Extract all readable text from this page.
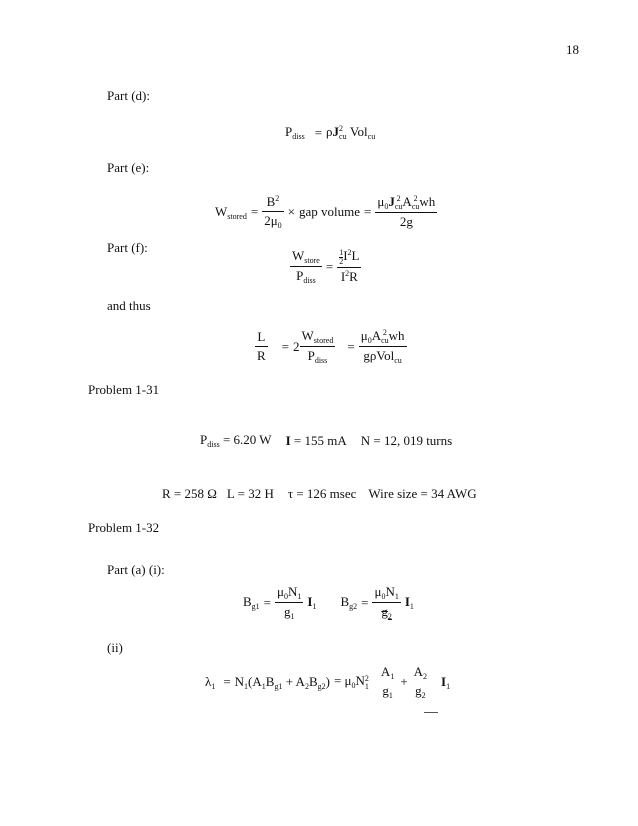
18
Part (d):
$P_{diss} = \rho J$ 2
cu Vol$_{cu}$
Part (e):
$W_{stored} = \frac{B^2}{2\mu_0}$ × gap volume = $\mu_0J$ 2
cu A 2
cu wh
2g
Part (f):
$\frac{W_{store}}{P_{diss}} = \frac{\frac{1}{2} I^2L}{I^2R}$
and thus
$\frac{L}{R} = 2 \frac{W_{stored}}{P_{diss}} = \mu_0A$ 2
cu wh
gρVol$_{cu}$
Problem 1-31
$P_{diss} = 6.20$ W I = 155 mA N = 12, 019 turns
R = 258 Ω L = 32 H τ = 126 msec Wire size = 34 AWG
Problem 1-32
Part (a) (i):
$B_{g1} = \frac{\mu_0N_1}{g_1} I_1$ $B_{g2} = \frac{\mu_0N_1}{g_2} I_1$
(ii)
$\lambda_1 = N_1(A_1B_{g1} + A_2B_{g2}) = \mu_0N$ 2
1
$A_1$
$g_1$
+
$A_2$
$g_2$
$I_1$
